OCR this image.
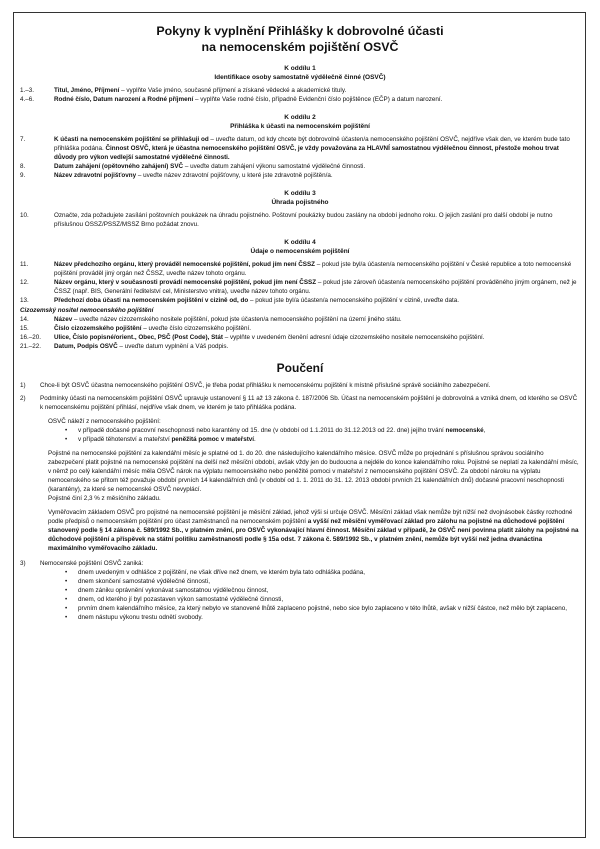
Pokyny k vyplnění Přihlášky k dobrovolné účasti
na nemocenském pojištění OSVČ
K oddílu 1
Identifikace osoby samostatně výdělečně činné (OSVČ)
1.–3.	Titul, Jméno, Příjmení – vyplňte Vaše jméno, současné příjmení a získané vědecké a akademické tituly.
4.–6.	Rodné číslo, Datum narození a Rodné příjmení – vyplňte Vaše rodné číslo, případně Evidenční číslo pojištěnce (EČP) a datum narození.
K oddílu 2
Přihláška k účasti na nemocenském pojištění
7.	K účasti na nemocenském pojištění se přihlašuji od – uveďte datum, od kdy chcete být dobrovolně účasten/a nemocenského pojištění OSVČ, nejdříve však den, ve kterém bude tato přihláška podána. Činnost OSVČ, která je účastna nemocenského pojištění OSVČ, je vždy považována za HLAVNÍ samostatnou výdělečnou činnost, přestože mohou trvat důvody pro výkon vedlejší samostatné výdělečné činnosti.
8.	Datum zahájení (opětovného zahájení) SVČ – uveďte datum zahájení výkonu samostatné výdělečné činnosti.
9.	Název zdravotní pojišťovny – uveďte název zdravotní pojišťovny, u které jste zdravotně pojištěn/a.
K oddílu 3
Úhrada pojistného
10.	Označte, zda požadujete zasílání poštovních poukázek na úhradu pojistného. Poštovní poukázky budou zaslány na období jednoho roku. O jejich zaslání pro další období je nutno příslušnou OSSZ/PSSZ/MSSZ Brno požádat znovu.
K oddílu 4
Údaje o nemocenském pojištění
11.	Název předchozího orgánu, který prováděl nemocenské pojištění, pokud jím není ČSSZ – pokud jste byl/a účasten/a nemocenského pojištění v České republice a toto nemocenské pojištění prováděl jiný orgán než ČSSZ, uveďte název tohoto orgánu.
12.	Název orgánu, který v současnosti provádí nemocenské pojištění, pokud jím není ČSSZ – pokud jste zároveň účasten/a nemocenského pojištění prováděného jiným orgánem, než je ČSSZ (např. BIS, Generální ředitelství cel, Ministerstvo vnitra), uveďte název tohoto orgánu.
13.	Předchozí doba účasti na nemocenském pojištění v cizině od, do – pokud jste byl/a účasten/a nemocenského pojištění v cizině, uveďte data.
Cizozemský nositel nemocenského pojištění
14.	Název – uveďte název cizozemského nositele pojištění, pokud jste účasten/a nemocenského pojištění na území jiného státu.
15.	Číslo cizozemského pojištění – uveďte číslo cizozemského pojištění.
16.–20. Ulice, Číslo popisné/orient., Obec, PSČ (Post Code), Stát – vyplňte v uvedeném členění adresní údaje cizozemského nositele nemocenského pojištění.
21.–22. Datum, Podpis OSVČ – uveďte datum vyplnění a Váš podpis.
Poučení
1) Chce-li být OSVČ účastna nemocenského pojištění OSVČ, je třeba podat přihlášku k nemocenskému pojištění k místně příslušné správě sociálního zabezpečení.
2) Podmínky účasti na nemocenském pojištění OSVČ upravuje ustanovení § 11 až 13 zákona č. 187/2006 Sb. Účast na nemocenském pojištění je dobrovolná a vzniká dnem, od kterého se OSVČ k nemocenskému pojištění přihlásí, nejdříve však dnem, ve kterém je tato přihláška podána.
OSVČ náleží z nemocenského pojištění:
• v případě dočasné pracovní neschopnosti nebo karantény od 15. dne (v období od 1.1.2011 do 31.12.2013 od 22. dne) jejího trvání nemocenské,
• v případě těhotenství a mateřství peněžitá pomoc v mateřství.
Pojistné na nemocenské pojištění za kalendářní měsíc je splatné od 1. do 20. dne následujícího kalendářního měsíce. OSVČ může po projednání s příslušnou správou sociálního zabezpečení platit pojistné na nemocenské pojištění na delší než měsíční období, avšak vždy jen do budoucna a nejdéle do konce kalendářního roku. Pojistné se neplatí za kalendářní měsíc, v němž po celý kalendářní měsíc měla OSVČ nárok na výplatu nemocenského nebo peněžité pomoci v mateřství z nemocenského pojištění OSVČ. Za období nároku na výplatu nemocenského se přitom též považuje období prvních 14 kalendářních dnů (v období od 1. 1. 2011 do 31. 12. 2013 období prvních 21 kalendářních dnů) dočasné pracovní neschopnosti (karantény), za které se nemocenské OSVČ nevyplácí.
Pojistné činí 2,3 % z měsíčního základu.
Vyměřovacím základem OSVČ pro pojistné na nemocenské pojištění je měsíční základ, jehož výši si určuje OSVČ. Měsíční základ však nemůže být nižší než dvojnásobek částky rozhodné podle předpisů o nemocenském pojištění pro účast zaměstnanců na nemocenském pojištění a vyšší než měsíční vyměřovací základ pro zálohu na pojistné na důchodové pojištění stanovený podle § 14 zákona č. 589/1992 Sb., v platném znění, pro OSVČ vykonávající hlavní činnost. Měsíční základ v případě, že OSVČ není povinna platit zálohy na pojistné na důchodové pojištění a příspěvek na státní politiku zaměstnanosti podle § 15a odst. 7 zákona č. 589/1992 Sb., v platném znění, nemůže být vyšší než jedna dvanáctina maximálního vyměřovacího základu.
3) Nemocenské pojištění OSVČ zaniká:
• dnem uvedeným v odhlášce z pojištění, ne však dříve než dnem, ve kterém byla tato odhláška podána,
• dnem skončení samostatné výdělečné činnosti,
• dnem zániku oprávnění vykonávat samostatnou výdělečnou činnost,
• dnem, od kterého jí byl pozastaven výkon samostatné výdělečné činnosti,
• prvním dnem kalendářního měsíce, za který nebylo ve stanovené lhůtě zaplaceno pojistné, nebo sice bylo zaplaceno v této lhůtě, avšak v nižší částce, než mělo být zaplaceno,
• dnem nástupu výkonu trestu odnětí svobody.
